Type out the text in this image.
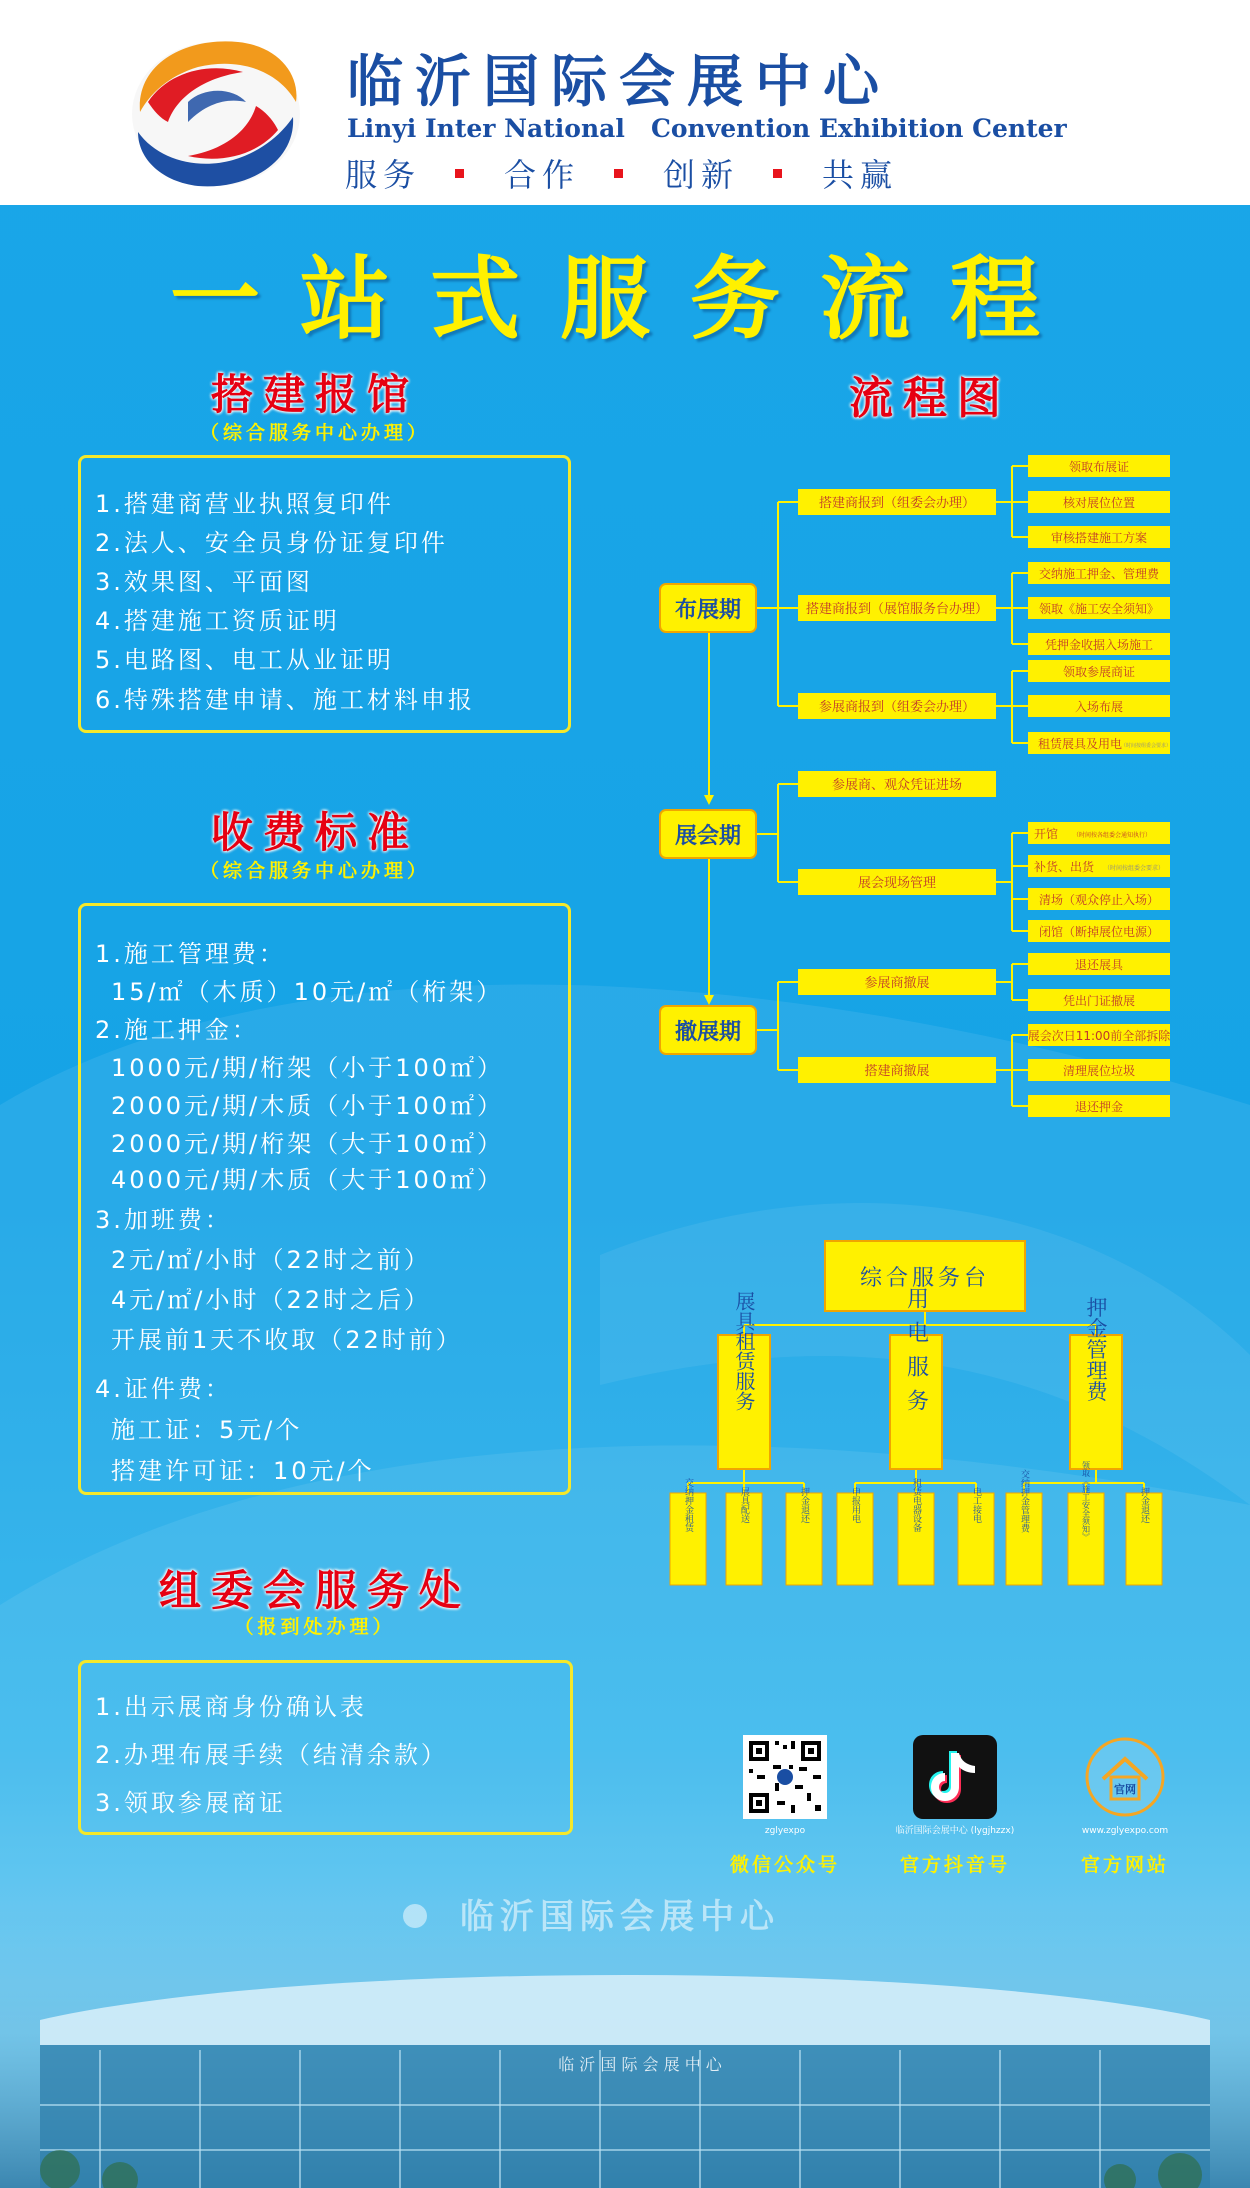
临沂国际会展中心
Linyi Inter National Convention Exhibition Center
服务	合作	创新	共赢
一站式服务流程
搭建报馆
（综合服务中心办理）
1.搭建商营业执照复印件
2.法人、安全员身份证复印件
3.效果图、平面图
4.搭建施工资质证明
5.电路图、电工从业证明
6.特殊搭建申请、施工材料申报
收费标准
（综合服务中心办理）
1.施工管理费：
15/㎡（木质）10元/㎡（桁架）
2.施工押金：
1000元/期/桁架（小于100㎡）
2000元/期/木质（小于100㎡）
2000元/期/桁架（大于100㎡）
4000元/期/木质（大于100㎡）
3.加班费：
2元/㎡/小时（22时之前）
4元/㎡/小时（22时之后）
开展前1天不收取（22时前）
4.证件费：
施工证：5元/个
搭建许可证：10元/个
组委会服务处
（报到处办理）
1.出示展商身份确认表
2.办理布展手续（结清余款）
3.领取参展商证
流程图
布展期
展会期
撤展期
搭建商报到（组委会办理）
搭建商报到（展馆服务台办理）
参展商报到（组委会办理）
参展商、观众凭证进场
展会现场管理
参展商撤展
搭建商撤展
领取布展证
核对展位位置
审核搭建施工方案
交纳施工押金、管理费
领取《施工安全须知》
凭押金收据入场施工
领取参展商证
入场布展
租赁展具及用电
（时间按组委会要求）
开馆 （时间按各组委会通知执行）
补货、出货 （时间按组委会要求）
清场（观众停止入场）
闭馆（断掉展位电源）
退还展具
凭出门证撤展
展会次日11:00前全部拆除
清理展位垃圾
退还押金
综合服务台
展具租赁服务	用电服务	押金管理费
交纳押金租赁	展具配送	押金退还	申报用电	租赁电器设备	电工接电	交纳押金管理费	领取《施工安全须知》	押金退还
zglyexpo
微信公众号
临沂国际会展中心 (lygjhzzx)
官方抖音号
官网
www.zglyexpo.com
官方网站
临沂国际会展中心
临 沂 国 际 会 展 中 心
